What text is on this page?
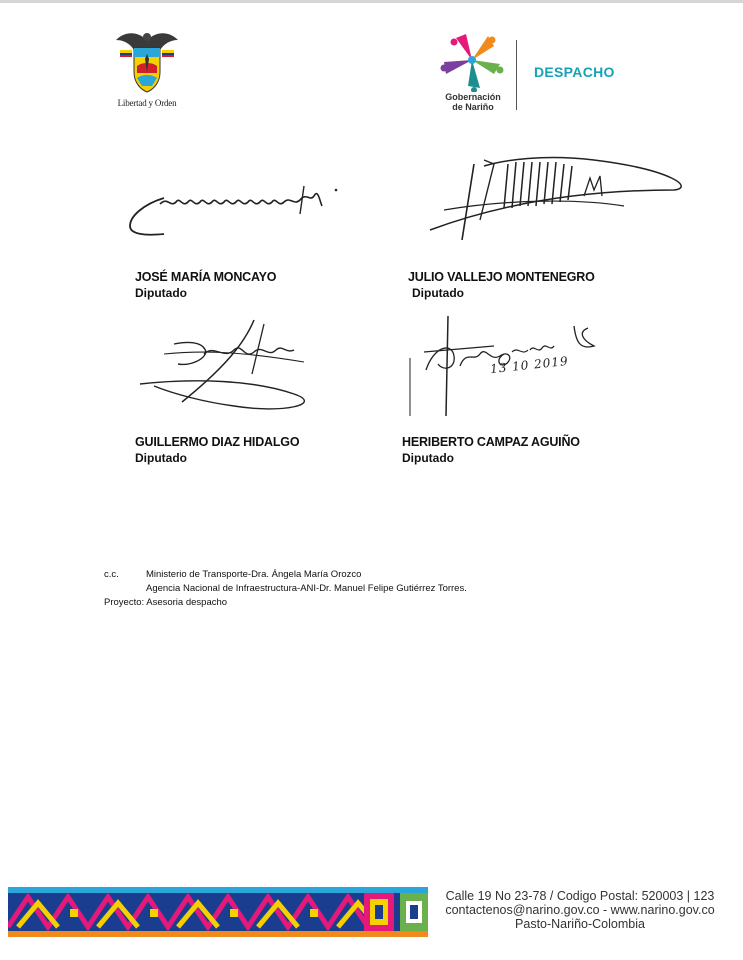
Libertad y Orden
Gobernación
de Nariño
DESPACHO
JOSÉ MARÍA MONCAYO
Diputado
JULIO VALLEJO MONTENEGRO
Diputado
GUILLERMO DIAZ HIDALGO
Diputado
13 10 2019
HERIBERTO CAMPAZ AGUIÑO
Diputado
c.c.	Ministerio de Transporte-Dra. Ángela María Orozco
Agencia Nacional de Infraestructura-ANI-Dr. Manuel Felipe Gutiérrez Torres.
Proyecto: Asesoria despacho
Calle 19 No 23-78 / Codigo Postal: 520003 | 123
contactenos@narino.gov.co - www.narino.gov.co
Pasto-Nariño-Colombia
